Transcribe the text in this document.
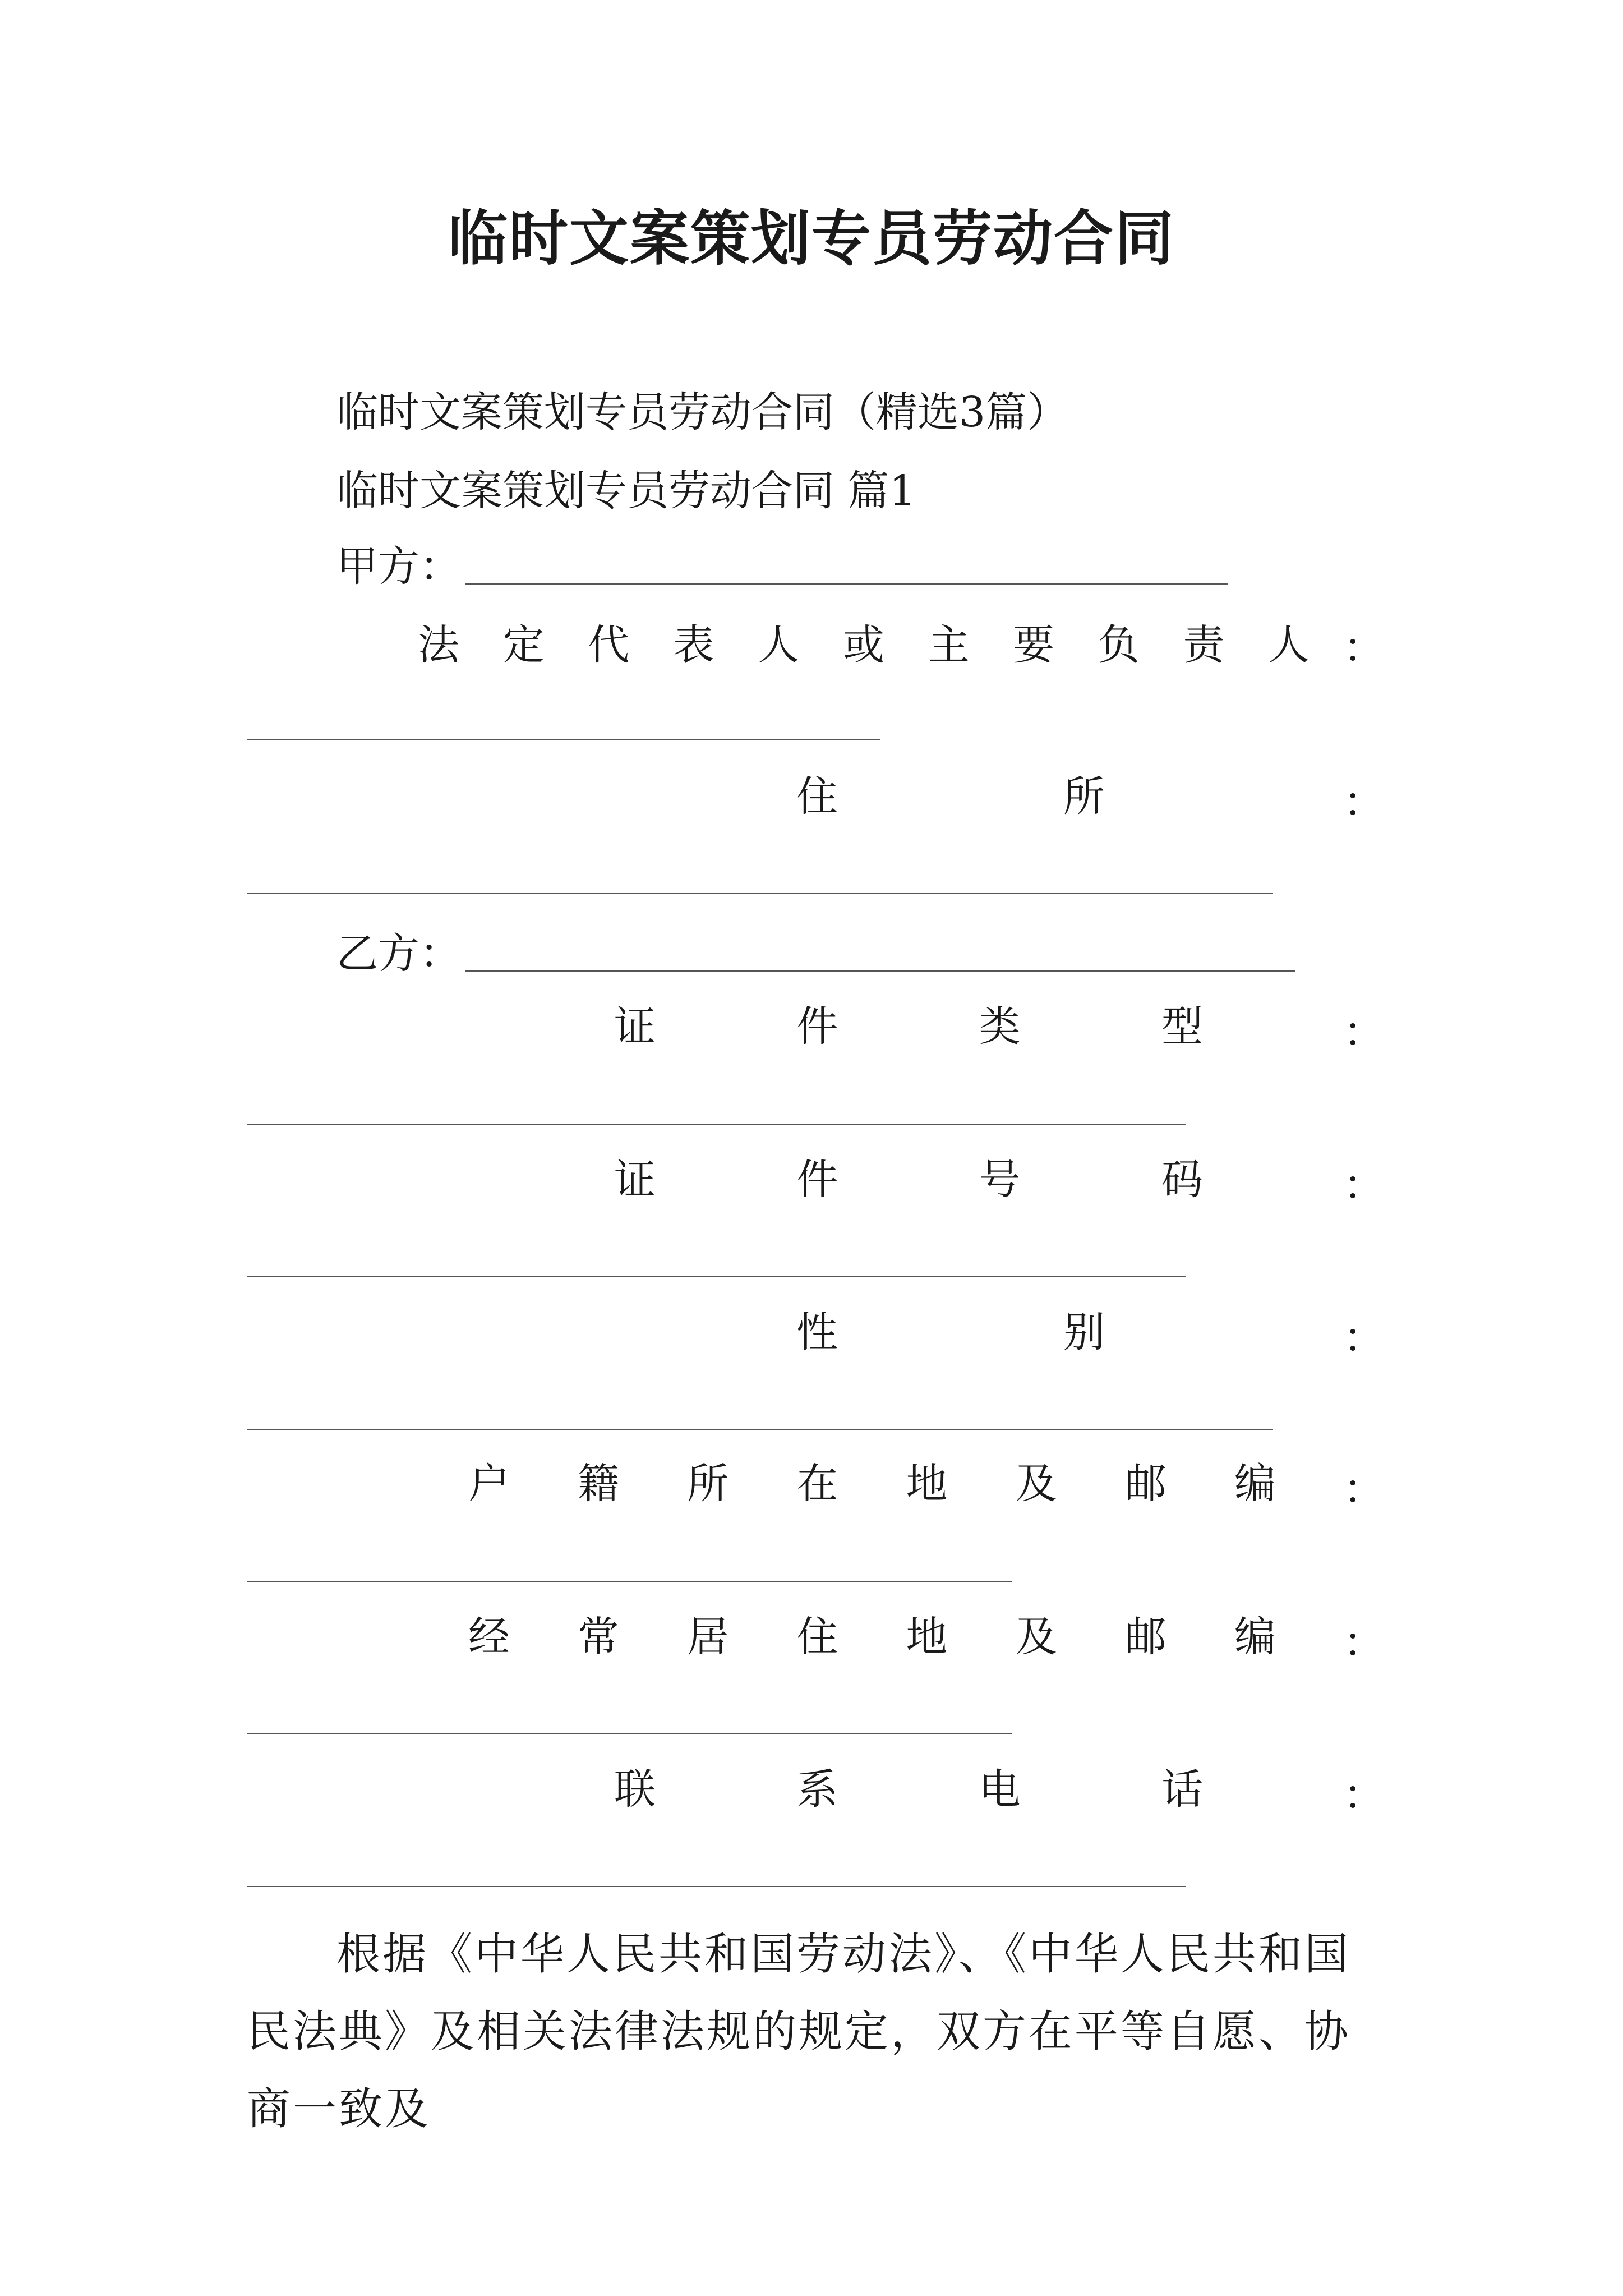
临时文案策划专员劳动合同
临时文案策划专员劳动合同（精选3篇）
临时文案策划专员劳动合同 篇1
甲方：
法 定 代 表 人 或 主 要 负 责 人 ：
住	所	：
乙方：
证	件	类	型	：
证	件	号	码	：
性	别	：
户 籍 所 在 地 及 邮 编 ：
经 常 居 住 地 及 邮 编 ：
联	系	电	话	：
根据《中华人民共和国劳动法》、《中华人民共和国民法典》及相关法律法规的规定，双方在平等自愿、协商一致及
